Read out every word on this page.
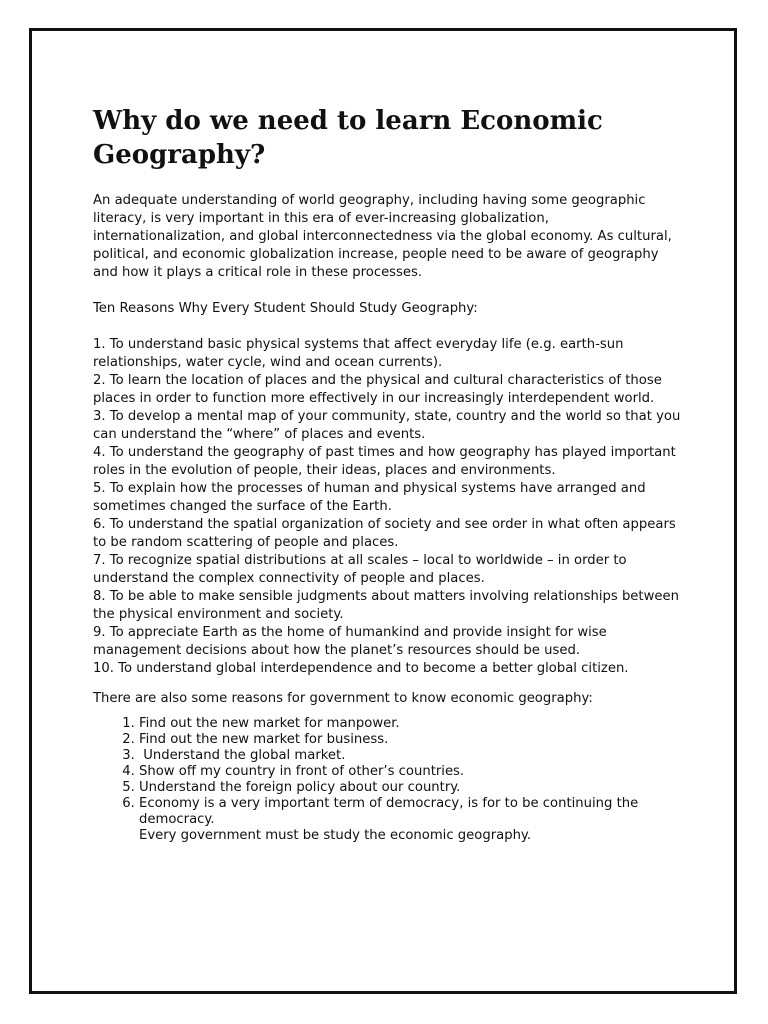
Why do we need to learn Economic Geography?

An adequate understanding of world geography, including having some geographic literacy, is very important in this era of ever-increasing globalization, internationalization, and global interconnectedness via the global economy. As cultural, political, and economic globalization increase, people need to be aware of geography and how it plays a critical role in these processes.

Ten Reasons Why Every Student Should Study Geography:

1. To understand basic physical systems that affect everyday life (e.g. earth-sun relationships, water cycle, wind and ocean currents).

2. To learn the location of places and the physical and cultural characteristics of those places in order to function more effectively in our increasingly interdependent world.

3. To develop a mental map of your community, state, country and the world so that you can understand the “where” of places and events.

4. To understand the geography of past times and how geography has played important roles in the evolution of people, their ideas, places and environments.

5. To explain how the processes of human and physical systems have arranged and sometimes changed the surface of the Earth.

6. To understand the spatial organization of society and see order in what often appears to be random scattering of people and places.

7. To recognize spatial distributions at all scales – local to worldwide – in order to understand the complex connectivity of people and places.

8. To be able to make sensible judgments about matters involving relationships between the physical environment and society.

9. To appreciate Earth as the home of humankind and provide insight for wise management decisions about how the planet’s resources should be used.

10. To understand global interdependence and to become a better global citizen.

There are also some reasons for government to know economic geography:

1. Find out the new market for manpower.
2. Find out the new market for business.
3.  Understand the global market.
4. Show off my country in front of other’s countries.
5. Understand the foreign policy about our country.
6. Economy is a very important term of democracy, is for to be continuing the democracy.
Every government must be study the economic geography.
